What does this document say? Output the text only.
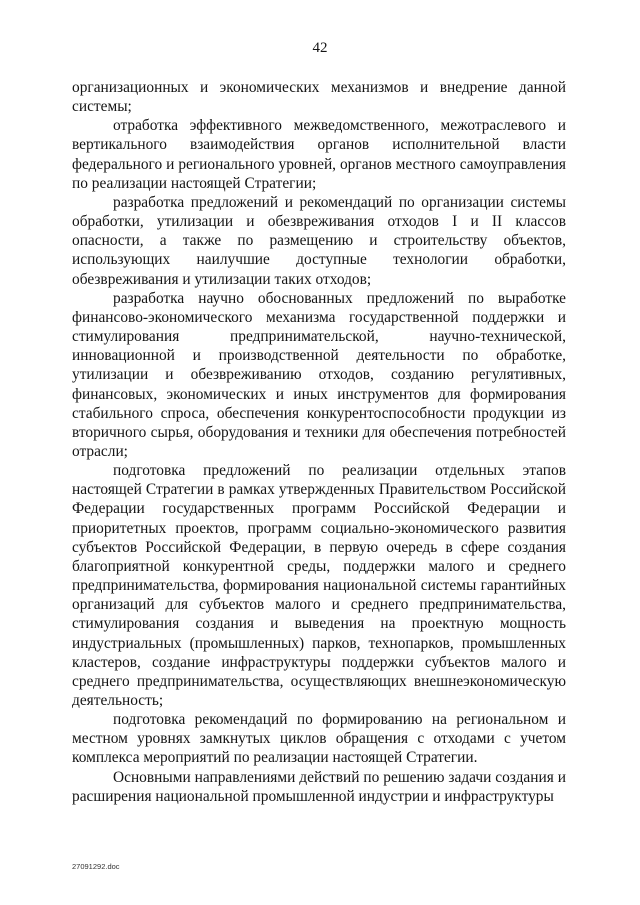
42

организационных и экономических механизмов и внедрение данной системы;

отработка эффективного межведомственного, межотраслевого и вертикального взаимодействия органов исполнительной власти федерального и регионального уровней, органов местного самоуправления по реализации настоящей Стратегии;

разработка предложений и рекомендаций по организации системы обработки, утилизации и обезвреживания отходов I и II классов опасности, а также по размещению и строительству объектов, использующих наилучшие доступные технологии обработки, обезвреживания и утилизации таких отходов;

разработка научно обоснованных предложений по выработке финансово-экономического механизма государственной поддержки и стимулирования предпринимательской, научно-технической, инновационной и производственной деятельности по обработке, утилизации и обезвреживанию отходов, созданию регулятивных, финансовых, экономических и иных инструментов для формирования стабильного спроса, обеспечения конкурентоспособности продукции из вторичного сырья, оборудования и техники для обеспечения потребностей отрасли;

подготовка предложений по реализации отдельных этапов настоящей Стратегии в рамках утвержденных Правительством Российской Федерации государственных программ Российской Федерации и приоритетных проектов, программ социально-экономического развития субъектов Российской Федерации, в первую очередь в сфере создания благоприятной конкурентной среды, поддержки малого и среднего предпринимательства, формирования национальной системы гарантийных организаций для субъектов малого и среднего предпринимательства, стимулирования создания и выведения на проектную мощность индустриальных (промышленных) парков, технопарков, промышленных кластеров, создание инфраструктуры поддержки субъектов малого и среднего предпринимательства, осуществляющих внешнеэкономическую деятельность;

подготовка рекомендаций по формированию на региональном и местном уровнях замкнутых циклов обращения с отходами с учетом комплекса мероприятий по реализации настоящей Стратегии.

Основными направлениями действий по решению задачи создания и расширения национальной промышленной индустрии и инфраструктуры

27091292.doc
